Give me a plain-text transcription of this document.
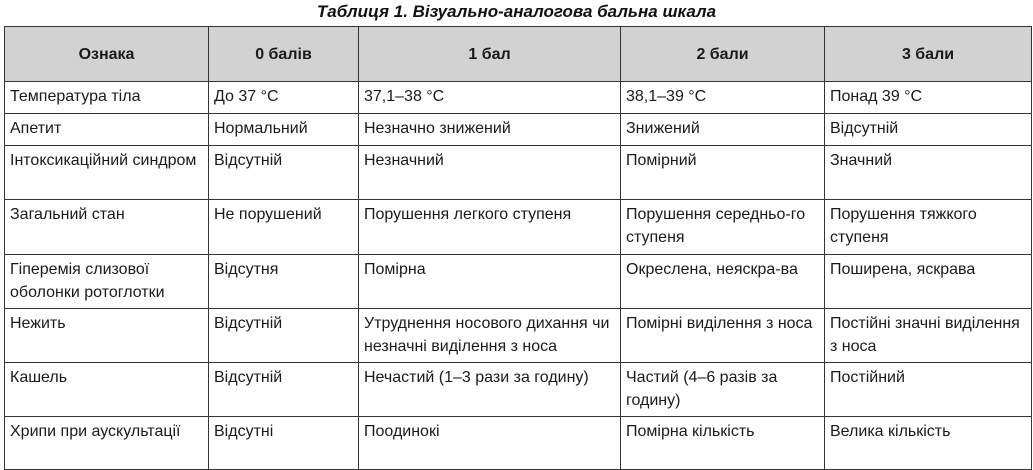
Таблиця 1. Візуально-аналогова бальна шкала
Ознака	0 балів	1 бал	2 бали	3 бали
Температура тіла	До 37 °С	37,1–38 °С	38,1–39 °С	Понад 39 °С
Апетит	Нормальний	Незначно знижений	Знижений	Відсутній
Інтоксикаційний синдром	Відсутній	Незначний	Помірний	Значний
Загальний стан	Не порушений	Порушення легкого ступеня	Порушення середньо-го ступеня	Порушення тяжкого ступеня
Гіперемія слизової оболонки ротоглотки	Відсутня	Помірна	Окреслена, неяскра-ва	Поширена, яскрава
Нежить	Відсутній	Утруднення носового дихання чи незначні виділення з носа	Помірні виділення з носа	Постійні значні виділення з носа
Кашель	Відсутній	Нечастий (1–3 рази за годину)	Частий (4–6 разів за годину)	Постійний
Хрипи при аускультації	Відсутні	Поодинокі	Помірна кількість	Велика кількість
